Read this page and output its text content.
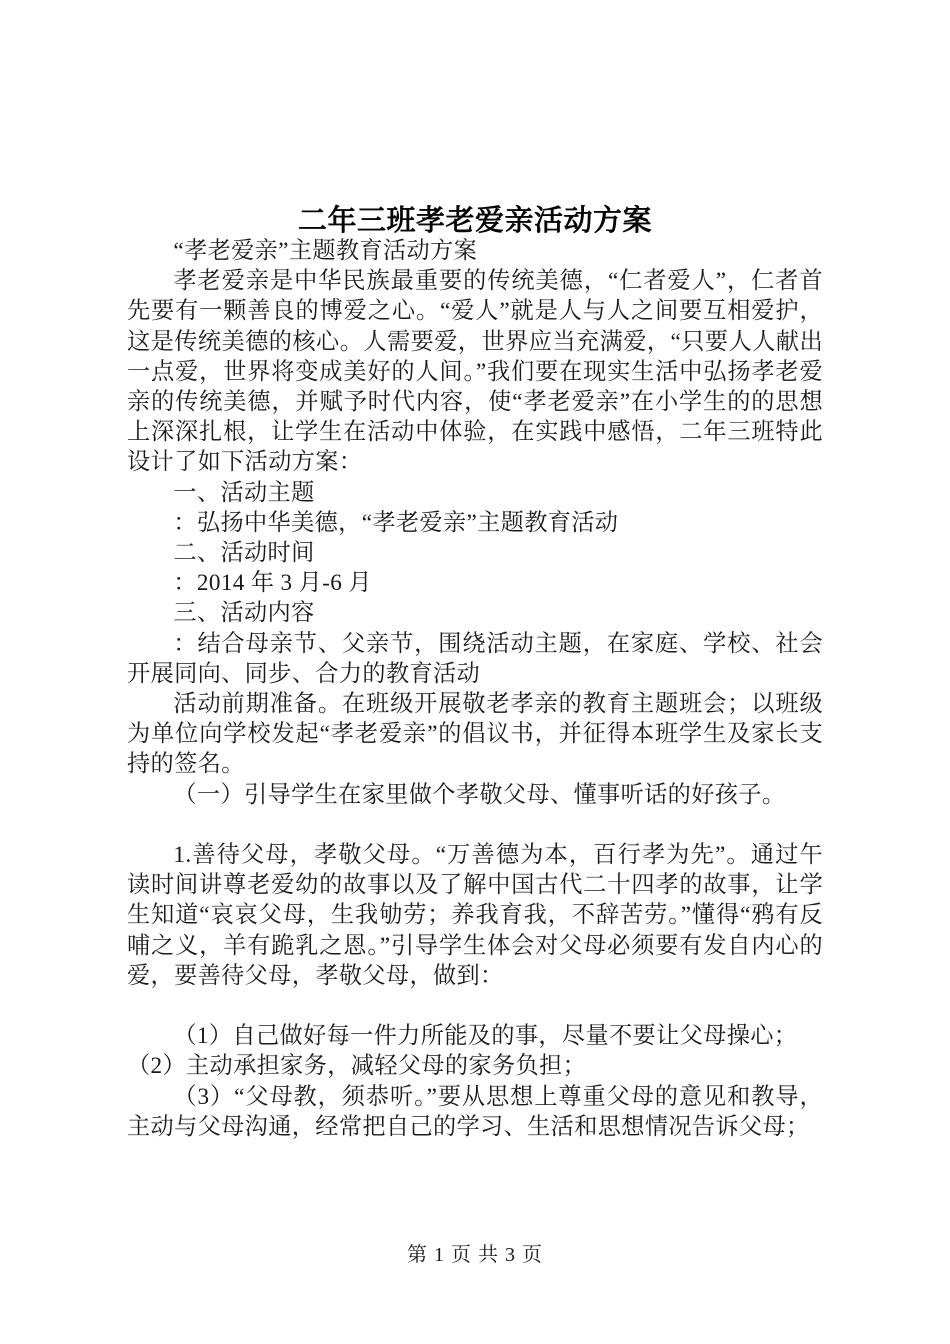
二年三班孝老爱亲活动方案

“孝老爱亲”主题教育活动方案

孝老爱亲是中华民族最重要的传统美德，“仁者爱人”，仁者首先要有一颗善良的博爱之心。“爱人”就是人与人之间要互相爱护，这是传统美德的核心。人需要爱，世界应当充满爱，“只要人人献出一点爱，世界将变成美好的人间。”我们要在现实生活中弘扬孝老爱亲的传统美德，并赋予时代内容，使“孝老爱亲”在小学生的的思想上深深扎根，让学生在活动中体验，在实践中感悟，二年三班特此设计了如下活动方案：

一、活动主题

：弘扬中华美德，“孝老爱亲”主题教育活动

二、活动时间

：2014 年 3 月-6 月

三、活动内容

：结合母亲节、父亲节，围绕活动主题，在家庭、学校、社会开展同向、同步、合力的教育活动

活动前期准备。在班级开展敬老孝亲的教育主题班会；以班级为单位向学校发起“孝老爱亲”的倡议书，并征得本班学生及家长支持的签名。

（一）引导学生在家里做个孝敬父母、懂事听话的好孩子。

1.善待父母，孝敬父母。“万善德为本，百行孝为先”。通过午读时间讲尊老爱幼的故事以及了解中国古代二十四孝的故事，让学生知道“哀哀父母，生我劬劳；养我育我，不辞苦劳。”懂得“鸦有反哺之义，羊有跪乳之恩。”引导学生体会对父母必须要有发自内心的爱，要善待父母，孝敬父母，做到：

（1）自己做好每一件力所能及的事，尽量不要让父母操心；

（2）主动承担家务，减轻父母的家务负担；

（3）“父母教，须恭听。”要从思想上尊重父母的意见和教导，主动与父母沟通，经常把自己的学习、生活和思想情况告诉父母；

第 1 页 共 3 页
